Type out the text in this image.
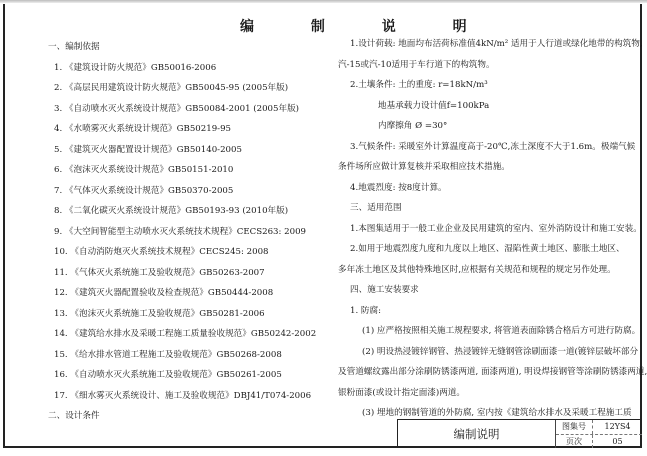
编 制 说 明
一、编制依据
1. 《建筑设计防火规范》GB50016-2006
2. 《高层民用建筑设计防火规范》GB50045-95 (2005年版)
3. 《自动喷水灭火系统设计规范》GB50084-2001 (2005年版)
4. 《水喷雾灭火系统设计规范》GB50219-95
5. 《建筑灭火器配置设计规范》GB50140-2005
6. 《泡沫灭火系统设计规范》GB50151-2010
7. 《气体灭火系统设计规范》GB50370-2005
8. 《二氧化碳灭火系统设计规范》GB50193-93 (2010年版)
9. 《大空间智能型主动喷水灭火系统技术规程》CECS263: 2009
10. 《自动消防炮灭火系统技术规程》CECS245: 2008
11. 《气体灭火系统施工及验收规范》GB50263-2007
12. 《建筑灭火器配置验收及检查规范》GB50444-2008
13. 《泡沫灭火系统施工及验收规范》GB50281-2006
14. 《建筑给水排水及采暖工程施工质量验收规范》GB50242-2002
15. 《给水排水管道工程施工及验收规范》GB50268-2008
16. 《自动喷水灭火系统施工及验收规范》GB50261-2005
17. 《细水雾灭火系统设计、施工及验收规范》DBJ41/T074-2006
二、设计条件
1.设计荷载: 地面均布活荷标准值4kN/m² 适用于人行道或绿化地带的构筑物,
汽-15或汽-10适用于车行道下的构筑物。
2.土壤条件: 土的重度: r=18kN/m³
地基承载力设计值f=100kPa
内摩擦角 Ø =30°
3.气候条件: 采暖室外计算温度高于-20℃,冻土深度不大于1.6m。极端气候
条件场所应做计算复核并采取相应技术措施。
4.地震烈度: 按8度计算。
三、适用范围
1.本图集适用于一般工业企业及民用建筑的室内、室外消防设计和施工安装。
2.如用于地震烈度九度和九度以上地区、湿陷性黄土地区、膨胀土地区、
多年冻土地区及其他特殊地区时,应根据有关规范和规程的规定另作处理。
四、施工安装要求
1. 防腐:
(1) 应严格按照相关施工规程要求, 将管道表面除锈合格后方可进行防腐。
(2) 明设热浸镀锌钢管、热浸镀锌无缝钢管涂刷面漆一道(镀锌层破坏部分
及管道螺纹露出部分涂刷防锈漆两道, 面漆两道), 明设焊接钢管等涂刷防锈漆两道,
银粉面漆(或设计指定面漆)两道。
(3) 埋地的钢制管道的外防腐, 室内按《建筑给水排水及采暖工程施工质
编制说明
图集号	12YS4
页次	05
